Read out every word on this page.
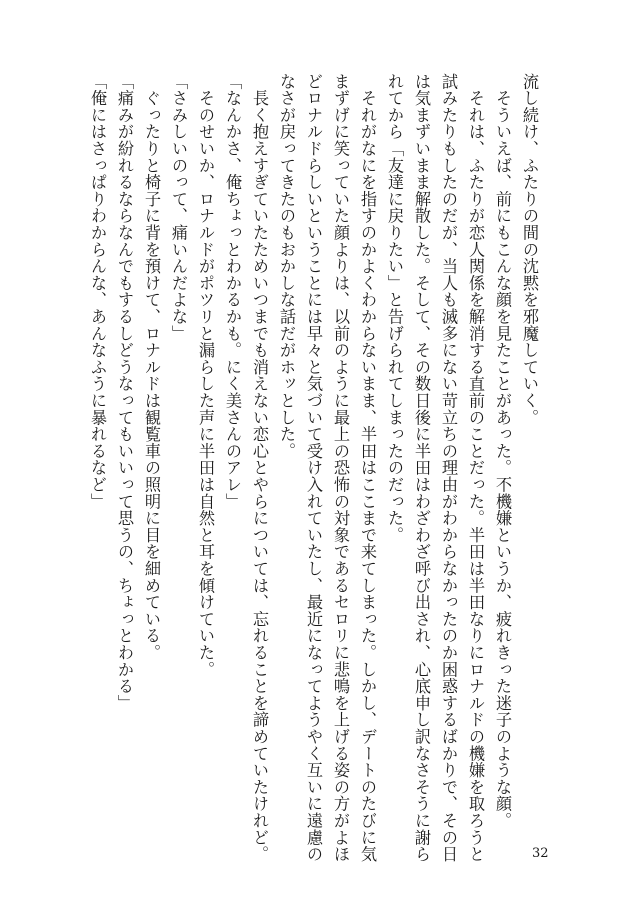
流し続け、ふたりの間の沈黙を邪魔していく。

　そういえば、前にもこんな顔を見たことがあった。不機嫌というか、疲れきった迷子のような顔。

　それは、ふたりが恋人関係を解消する直前のことだった。半田は半田なりにロナルドの機嫌を取ろうと

試みたりもしたのだが、当人も滅多にない苛立ちの理由がわからなかったのか困惑するばかりで、その日

は気まずいまま解散した。そして、その数日後に半田はわざわざ呼び出され、心底申し訳なさそうに謝ら

れてから「友達に戻りたい」と告げられてしまったのだった。

　それがなにを指すのかよくわからないまま、半田はここまで来てしまった。しかし、デートのたびに気

まずげに笑っていた顔よりは、以前のように最上の恐怖の対象であるセロリに悲鳴を上げる姿の方がよほ

どロナルドらしいということには早々と気づいて受け入れていたし、最近になってようやく互いに遠慮の

なさが戻ってきたのもおかしな話だがホッとした。

　長く抱えすぎていたためいつまでも消えない恋心とやらについては、忘れることを諦めていたけれど。

「なんかさ、俺ちょっとわかるかも。にく美さんのアレ」

　そのせいか、ロナルドがポツリと漏らした声に半田は自然と耳を傾けていた。

「さみしいのって、痛いんだよな」

　ぐったりと椅子に背を預けて、ロナルドは観覧車の照明に目を細めている。

「痛みが紛れるならなんでもするしどうなってもいいって思うの、ちょっとわかる」

「俺にはさっぱりわからんな、あんなふうに暴れるなど」

32
